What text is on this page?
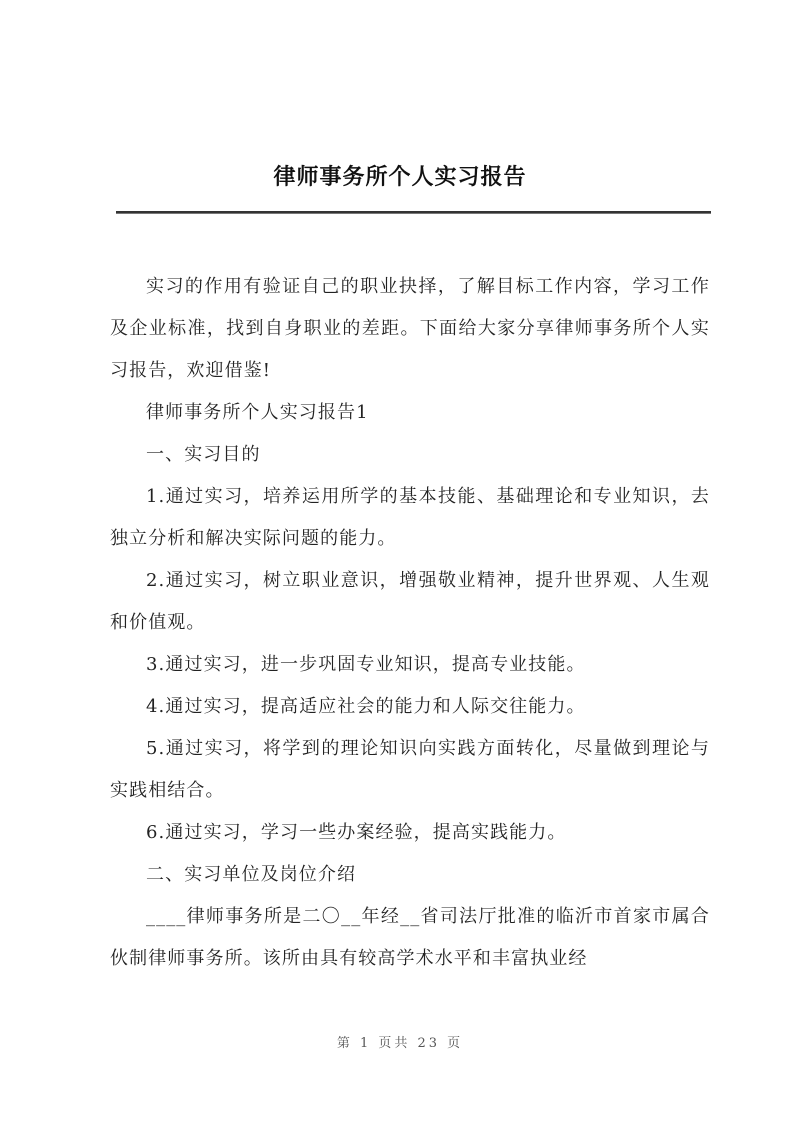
律师事务所个人实习报告

实习的作用有验证自己的职业抉择，了解目标工作内容，学习工作及企业标准，找到自身职业的差距。下面给大家分享律师事务所个人实习报告，欢迎借鉴!

律师事务所个人实习报告1

一、实习目的

1.通过实习，培养运用所学的基本技能、基础理论和专业知识，去独立分析和解决实际问题的能力。

2.通过实习，树立职业意识，增强敬业精神，提升世界观、人生观和价值观。

3.通过实习，进一步巩固专业知识，提高专业技能。

4.通过实习，提高适应社会的能力和人际交往能力。

5.通过实习，将学到的理论知识向实践方面转化，尽量做到理论与实践相结合。

6.通过实习，学习一些办案经验，提高实践能力。

二、实习单位及岗位介绍

____律师事务所是二〇__年经__省司法厅批准的临沂市首家市属合伙制律师事务所。该所由具有较高学术水平和丰富执业经

第 1 页共 23 页
